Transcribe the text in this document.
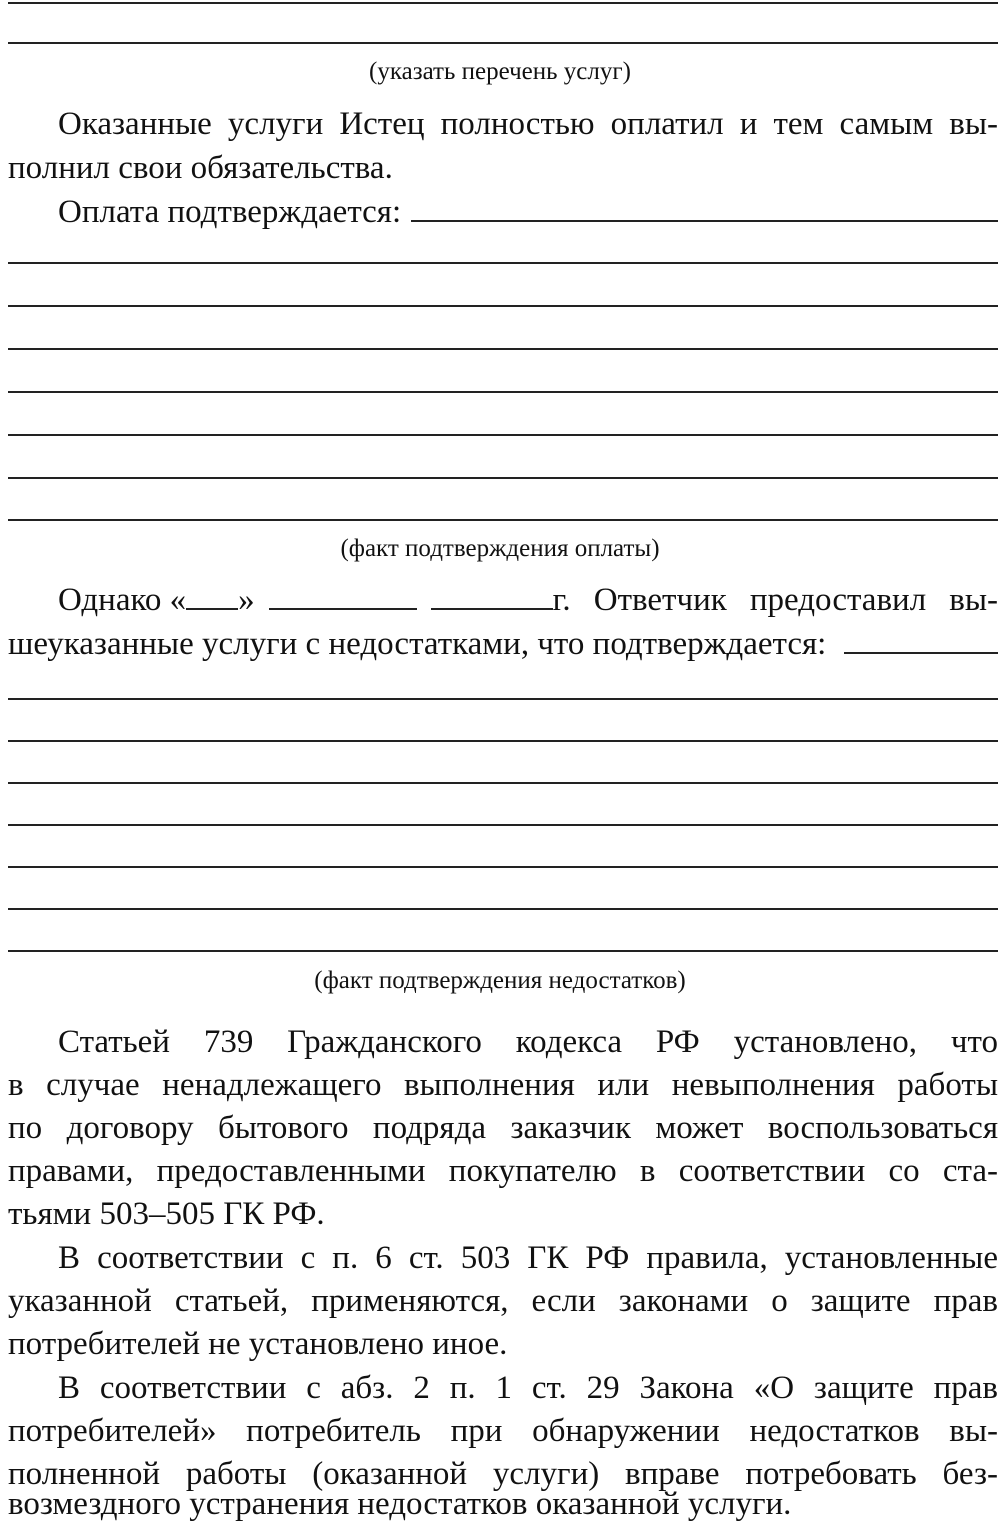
(указать перечень услуг)
Оказанные услуги Истец полностью оплатил и тем самым вы-
полнил свои обязательства.
Оплата подтверждается:
(факт подтверждения оплаты)
Однако « »	г. Ответчик предоставил вы-
шеуказанные услуги с недостатками, что подтверждается:
(факт подтверждения недостатков)
Статьей 739 Гражданского кодекса РФ установлено, что
в случае ненадлежащего выполнения или невыполнения работы
по договору бытового подряда заказчик может воспользоваться
правами, предоставленными покупателю в соответствии со ста-
тьями 503–505 ГК РФ.
В соответствии с п. 6 ст. 503 ГК РФ правила, установленные
указанной статьей, применяются, если законами о защите прав
потребителей не установлено иное.
В соответствии с абз. 2 п. 1 ст. 29 Закона «О защите прав
потребителей» потребитель при обнаружении недостатков вы-
полненной работы (оказанной услуги) вправе потребовать без-
возмездного устранения недостатков оказанной услуги.
